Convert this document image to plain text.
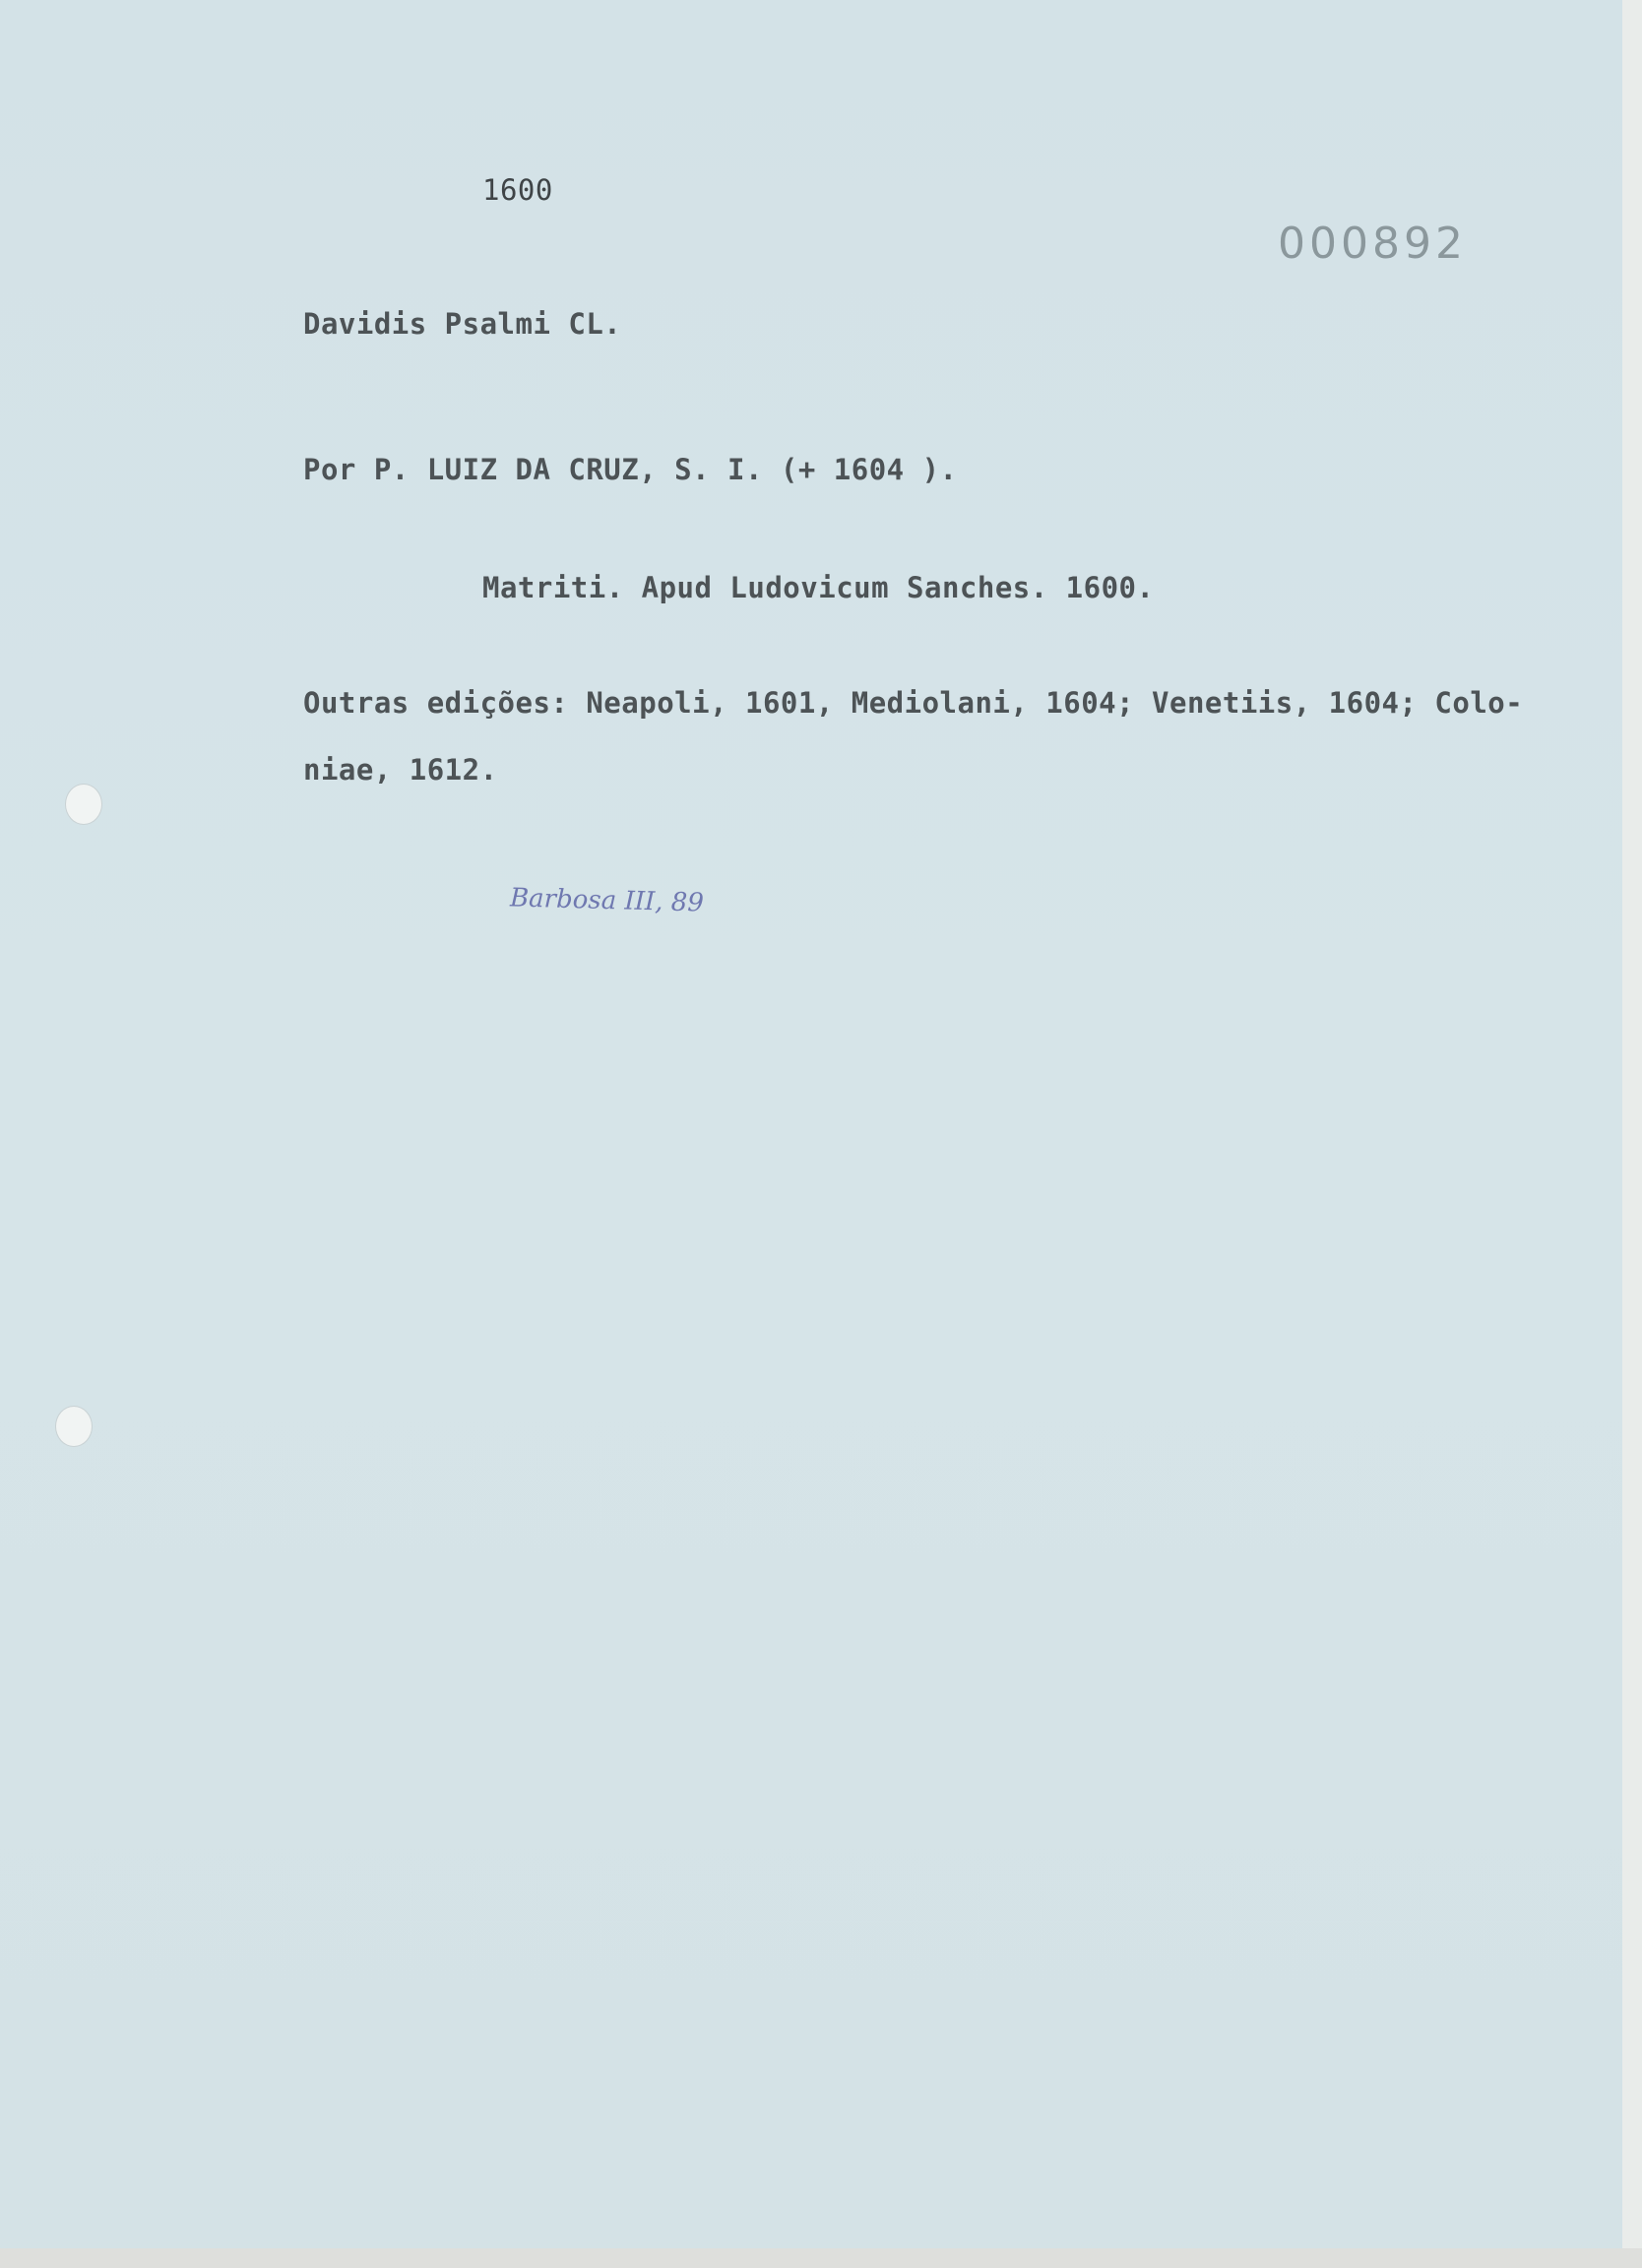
1600
000892
Davidis Psalmi CL.
Por P. LUIZ DA CRUZ, S. I. (+ 1604 ).
Matriti. Apud Ludovicum Sanches. 1600.
Outras edições: Neapoli, 1601, Mediolani, 1604; Venetiis, 1604; Colo-
niae, 1612.
Barbosa III, 89
